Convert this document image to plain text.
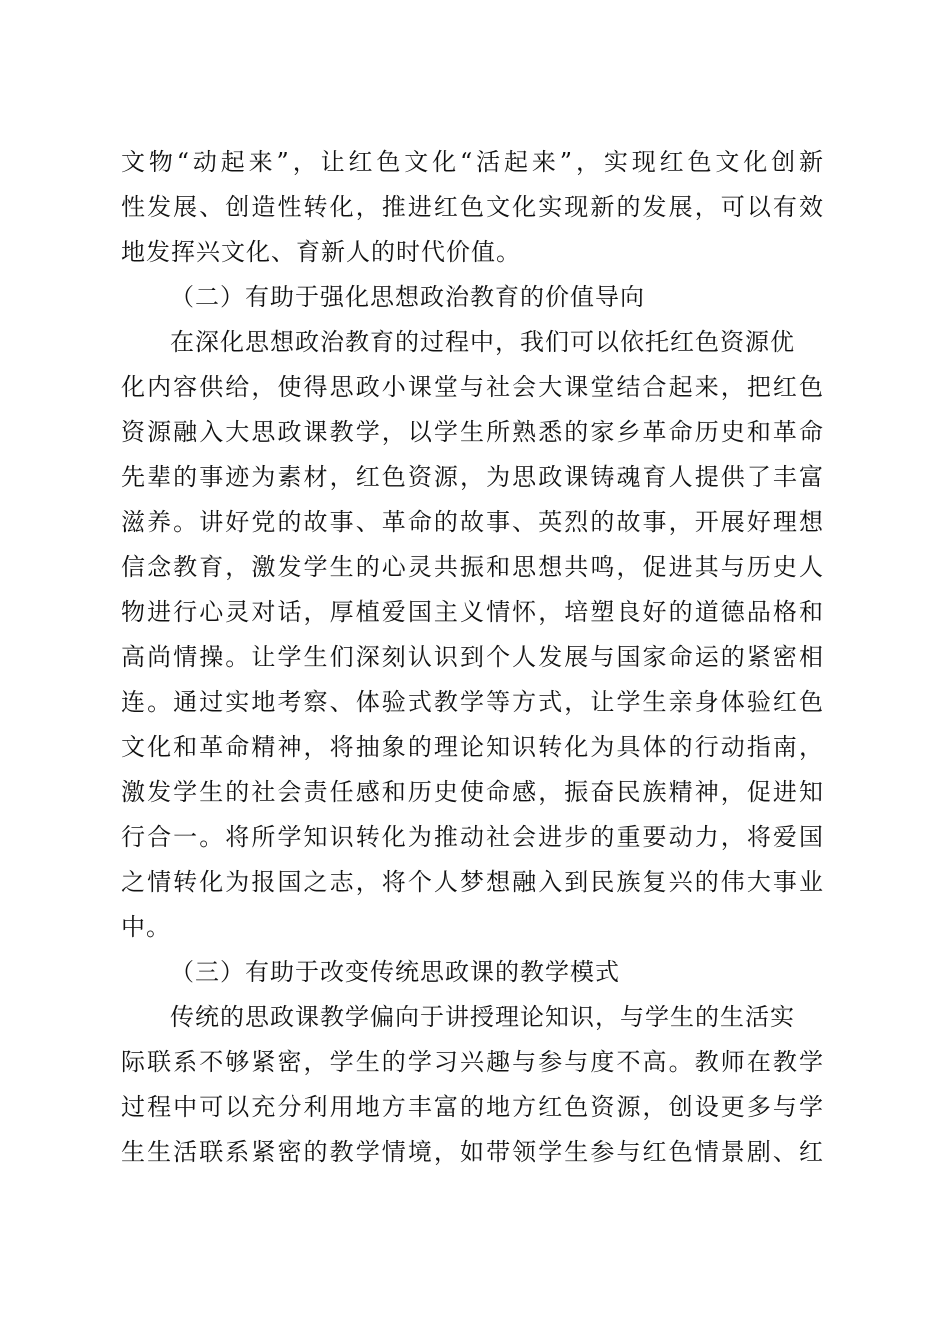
文物“动起来”，让红色文化“活起来”，实现红色文化创新
性发展、创造性转化，推进红色文化实现新的发展，可以有效
地发挥兴文化、育新人的时代价值。
（二）有助于强化思想政治教育的价值导向
在深化思想政治教育的过程中，我们可以依托红色资源优
化内容供给，使得思政小课堂与社会大课堂结合起来，把红色
资源融入大思政课教学，以学生所熟悉的家乡革命历史和革命
先辈的事迹为素材，红色资源，为思政课铸魂育人提供了丰富
滋养。讲好党的故事、革命的故事、英烈的故事，开展好理想
信念教育，激发学生的心灵共振和思想共鸣，促进其与历史人
物进行心灵对话，厚植爱国主义情怀，培塑良好的道德品格和
高尚情操。让学生们深刻认识到个人发展与国家命运的紧密相
连。通过实地考察、体验式教学等方式，让学生亲身体验红色
文化和革命精神，将抽象的理论知识转化为具体的行动指南，
激发学生的社会责任感和历史使命感，振奋民族精神，促进知
行合一。将所学知识转化为推动社会进步的重要动力，将爱国
之情转化为报国之志，将个人梦想融入到民族复兴的伟大事业
中。
（三）有助于改变传统思政课的教学模式
传统的思政课教学偏向于讲授理论知识，与学生的生活实
际联系不够紧密，学生的学习兴趣与参与度不高。教师在教学
过程中可以充分利用地方丰富的地方红色资源，创设更多与学
生生活联系紧密的教学情境，如带领学生参与红色情景剧、红
